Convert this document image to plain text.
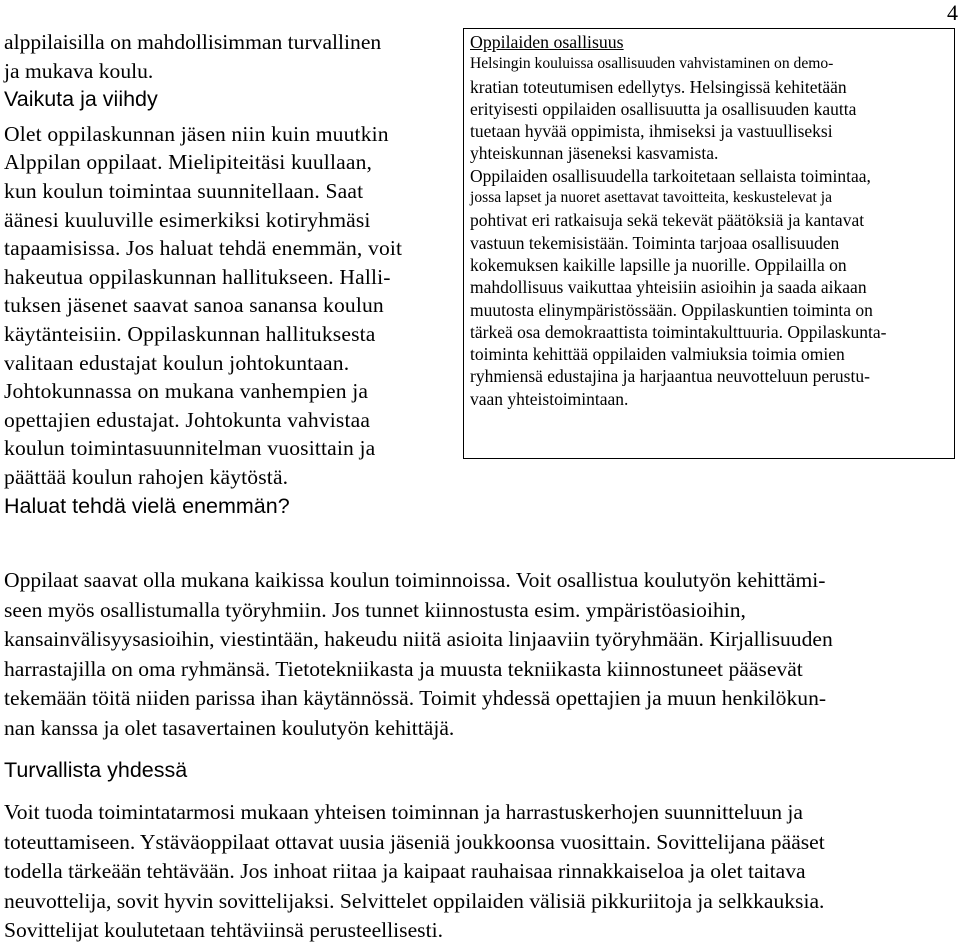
4
alppilaisilla on mahdollisimman turvallinen
ja mukava koulu.
Vaikuta ja viihdy
Olet oppilaskunnan jäsen niin kuin muutkin
Alppilan oppilaat. Mielipiteitäsi kuullaan,
kun koulun toimintaa suunnitellaan. Saat
äänesi kuuluville esimerkiksi kotiryhmäsi
tapaamisissa. Jos haluat tehdä enemmän, voit
hakeutua oppilaskunnan hallitukseen. Halli-
tuksen jäsenet saavat sanoa sanansa koulun
käytänteisiin. Oppilaskunnan hallituksesta
valitaan edustajat koulun johtokuntaan.
Johtokunnassa on mukana vanhempien ja
opettajien edustajat. Johtokunta vahvistaa
koulun toimintasuunnitelman vuosittain ja
päättää koulun rahojen käytöstä.
Haluat tehdä vielä enemmän?
Oppilaiden osallisuus
Helsingin kouluissa osallisuuden vahvistaminen on demo-
kratian toteutumisen edellytys. Helsingissä kehitetään
erityisesti oppilaiden osallisuutta ja osallisuuden kautta
tuetaan hyvää oppimista, ihmiseksi ja vastuulliseksi
yhteiskunnan jäseneksi kasvamista.
Oppilaiden osallisuudella tarkoitetaan sellaista toimintaa,
jossa lapset ja nuoret asettavat tavoitteita, keskustelevat ja
pohtivat eri ratkaisuja sekä tekevät päätöksiä ja kantavat
vastuun tekemisistään. Toiminta tarjoaa osallisuuden
kokemuksen kaikille lapsille ja nuorille. Oppilailla on
mahdollisuus vaikuttaa yhteisiin asioihin ja saada aikaan
muutosta elinympäristössään. Oppilaskuntien toiminta on
tärkeä osa demokraattista toimintakulttuuria. Oppilaskunta-
toiminta kehittää oppilaiden valmiuksia toimia omien
ryhmiensä edustajina ja harjaantua neuvotteluun perustu-
vaan yhteistoimintaan.
Oppilaat saavat olla mukana kaikissa koulun toiminnoissa. Voit osallistua koulutyön kehittämi-
seen myös osallistumalla työryhmiin. Jos tunnet kiinnostusta esim. ympäristöasioihin,
kansainvälisyysasioihin, viestintään, hakeudu niitä asioita linjaaviin työryhmään. Kirjallisuuden
harrastajilla on oma ryhmänsä. Tietotekniikasta ja muusta tekniikasta kiinnostuneet pääsevät
tekemään töitä niiden parissa ihan käytännössä. Toimit yhdessä opettajien ja muun henkilökun-
nan kanssa ja olet tasavertainen koulutyön kehittäjä.
Turvallista yhdessä
Voit tuoda toimintatarmosi mukaan yhteisen toiminnan ja harrastuskerhojen suunnitteluun ja
toteuttamiseen. Ystäväoppilaat ottavat uusia jäseniä joukkoonsa vuosittain. Sovittelijana pääset
todella tärkeään tehtävään. Jos inhoat riitaa ja kaipaat rauhaisaa rinnakkaiseloa ja olet taitava
neuvottelija, sovit hyvin sovittelijaksi. Selvittelet oppilaiden välisiä pikkuriitoja ja selkkauksia.
Sovittelijat koulutetaan tehtäviinsä perusteellisesti.
